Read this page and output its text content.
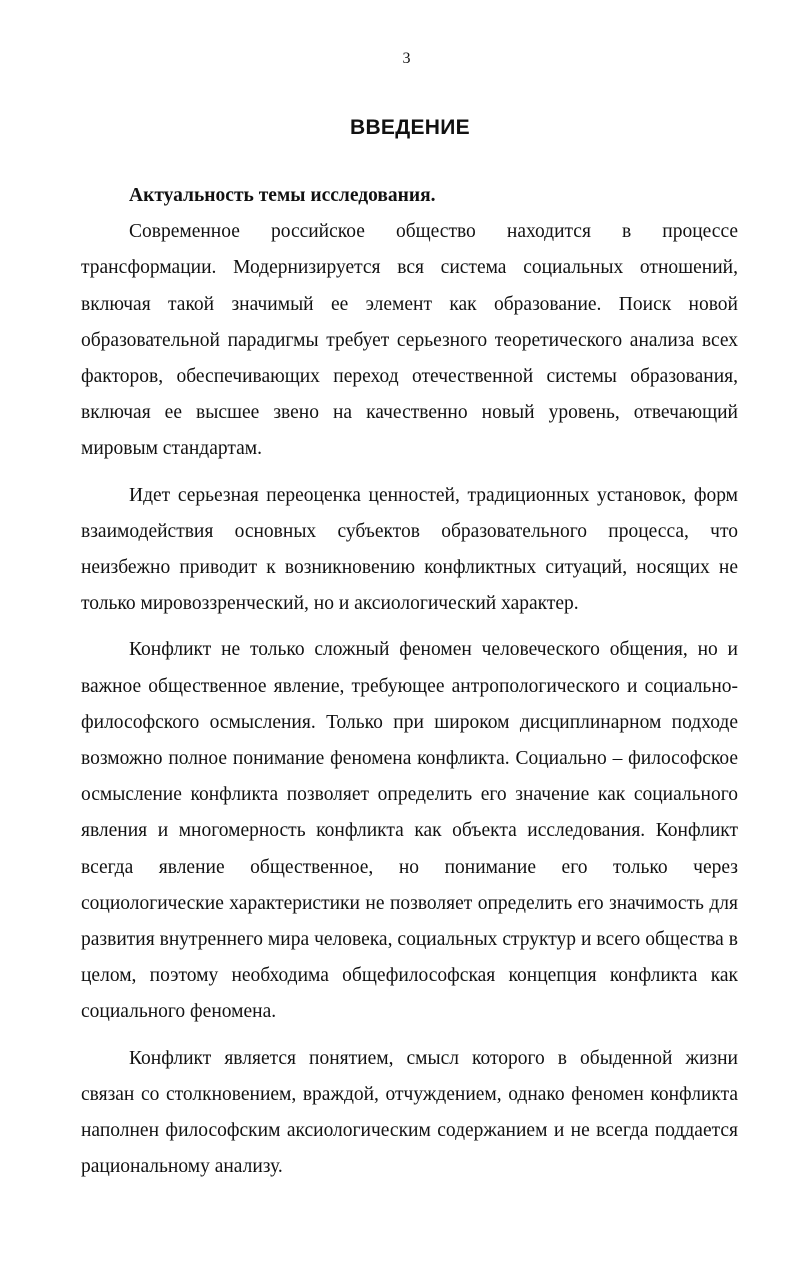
3
ВВЕДЕНИЕ

Актуальность темы исследования.

Современное российское общество находится в процессе трансформации. Модернизируется вся система социальных отношений, включая такой значимый ее элемент как образование. Поиск новой образовательной парадигмы требует серьезного теоретического анализа всех факторов, обеспечивающих переход отечественной системы образования, включая ее высшее звено на качественно новый уровень, отвечающий мировым стандартам.

Идет серьезная переоценка ценностей, традиционных установок, форм взаимодействия основных субъектов образовательного процесса, что неизбежно приводит к возникновению конфликтных ситуаций, носящих не только мировоззренческий, но и аксиологический характер.

Конфликт не только сложный феномен человеческого общения, но и важное общественное явление, требующее антропологического и социально-философского осмысления. Только при широком дисциплинарном подходе возможно полное понимание феномена конфликта. Социально – философское осмысление конфликта позволяет определить его значение как социального явления и многомерность конфликта как объекта исследования. Конфликт всегда явление общественное, но понимание его только через социологические характеристики не позволяет определить его значимость для развития внутреннего мира человека, социальных структур и всего общества в целом, поэтому необходима общефилософская концепция конфликта как социального феномена.

Конфликт является понятием, смысл которого в обыденной жизни связан со столкновением, враждой, отчуждением, однако феномен конфликта наполнен философским аксиологическим содержанием и не всегда поддается рациональному анализу.
